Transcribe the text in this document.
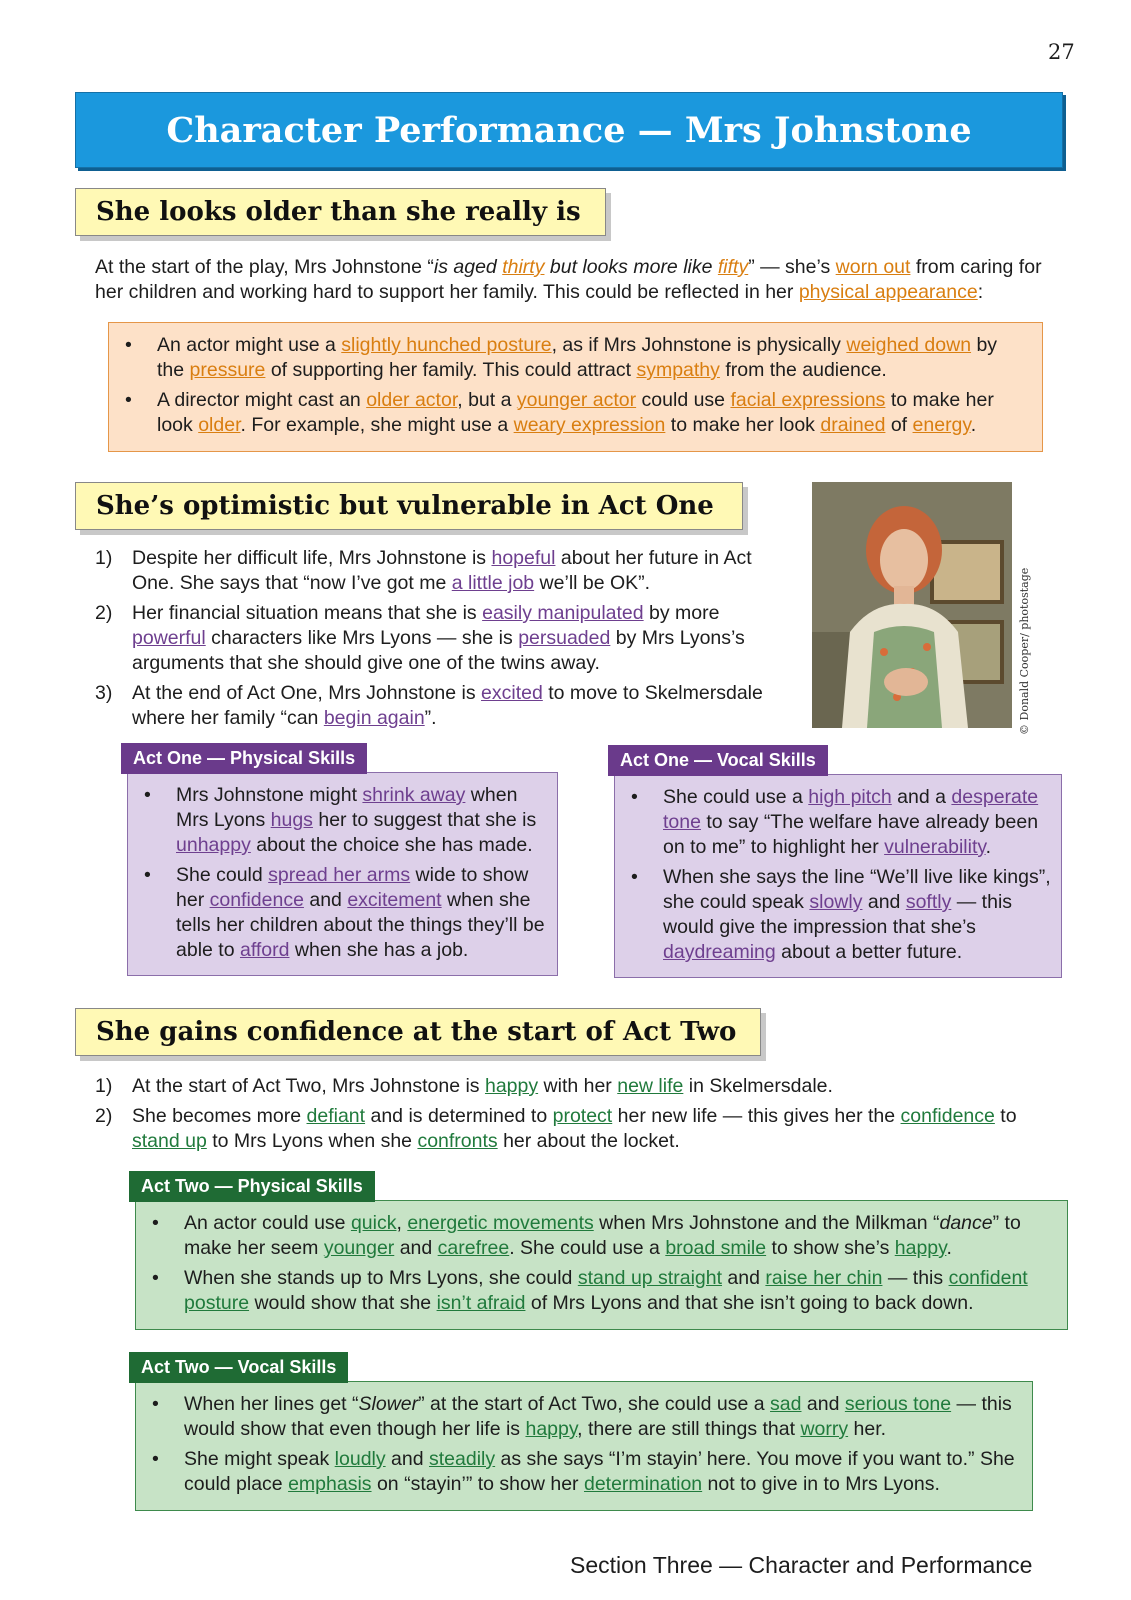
27
Character Performance — Mrs Johnstone
She looks older than she really is
At the start of the play, Mrs Johnstone “is aged thirty but looks more like fifty” — she’s worn out from caring for her children and working hard to support her family. This could be reflected in her physical appearance:
• An actor might use a slightly hunched posture, as if Mrs Johnstone is physically weighed down by the pressure of supporting her family. This could attract sympathy from the audience.
• A director might cast an older actor, but a younger actor could use facial expressions to make her look older. For example, she might use a weary expression to make her look drained of energy.
She’s optimistic but vulnerable in Act One
1) Despite her difficult life, Mrs Johnstone is hopeful about her future in Act One. She says that “now I’ve got me a little job we’ll be OK”.
2) Her financial situation means that she is easily manipulated by more powerful characters like Mrs Lyons — she is persuaded by Mrs Lyons’s arguments that she should give one of the twins away.
3) At the end of Act One, Mrs Johnstone is excited to move to Skelmersdale where her family “can begin again”.	© Donald Cooper/ photostage
• Mrs Johnstone might shrink away when Mrs Lyons hugs her to suggest that she is unhappy about the choice she has made.
• She could spread her arms wide to show her confidence and excitement when she tells her children about the things they’ll be able to afford when she has a job.
Act One — Physical Skills
• She could use a high pitch and a desperate tone to say “The welfare have already been on to me” to highlight her vulnerability.
• When she says the line “We’ll live like kings”, she could speak slowly and softly — this would give the impression that she’s daydreaming about a better future.
Act One — Vocal Skills
She gains confidence at the start of Act Two
1) At the start of Act Two, Mrs Johnstone is happy with her new life in Skelmersdale.
2) She becomes more defiant and is determined to protect her new life — this gives her the confidence to stand up to Mrs Lyons when she confronts her about the locket.
• An actor could use quick, energetic movements when Mrs Johnstone and the Milkman “dance” to make her seem younger and carefree. She could use a broad smile to show she’s happy.
• When she stands up to Mrs Lyons, she could stand up straight and raise her chin — this confident posture would show that she isn’t afraid of Mrs Lyons and that she isn’t going to back down.
Act Two — Physical Skills
• When her lines get “Slower” at the start of Act Two, she could use a sad and serious tone — this would show that even though her life is happy, there are still things that worry her.
• She might speak loudly and steadily as she says “I’m stayin’ here. You move if you want to.” She could place emphasis on “stayin’” to show her determination not to give in to Mrs Lyons.
Act Two — Vocal Skills
Section Three — Character and Performance
